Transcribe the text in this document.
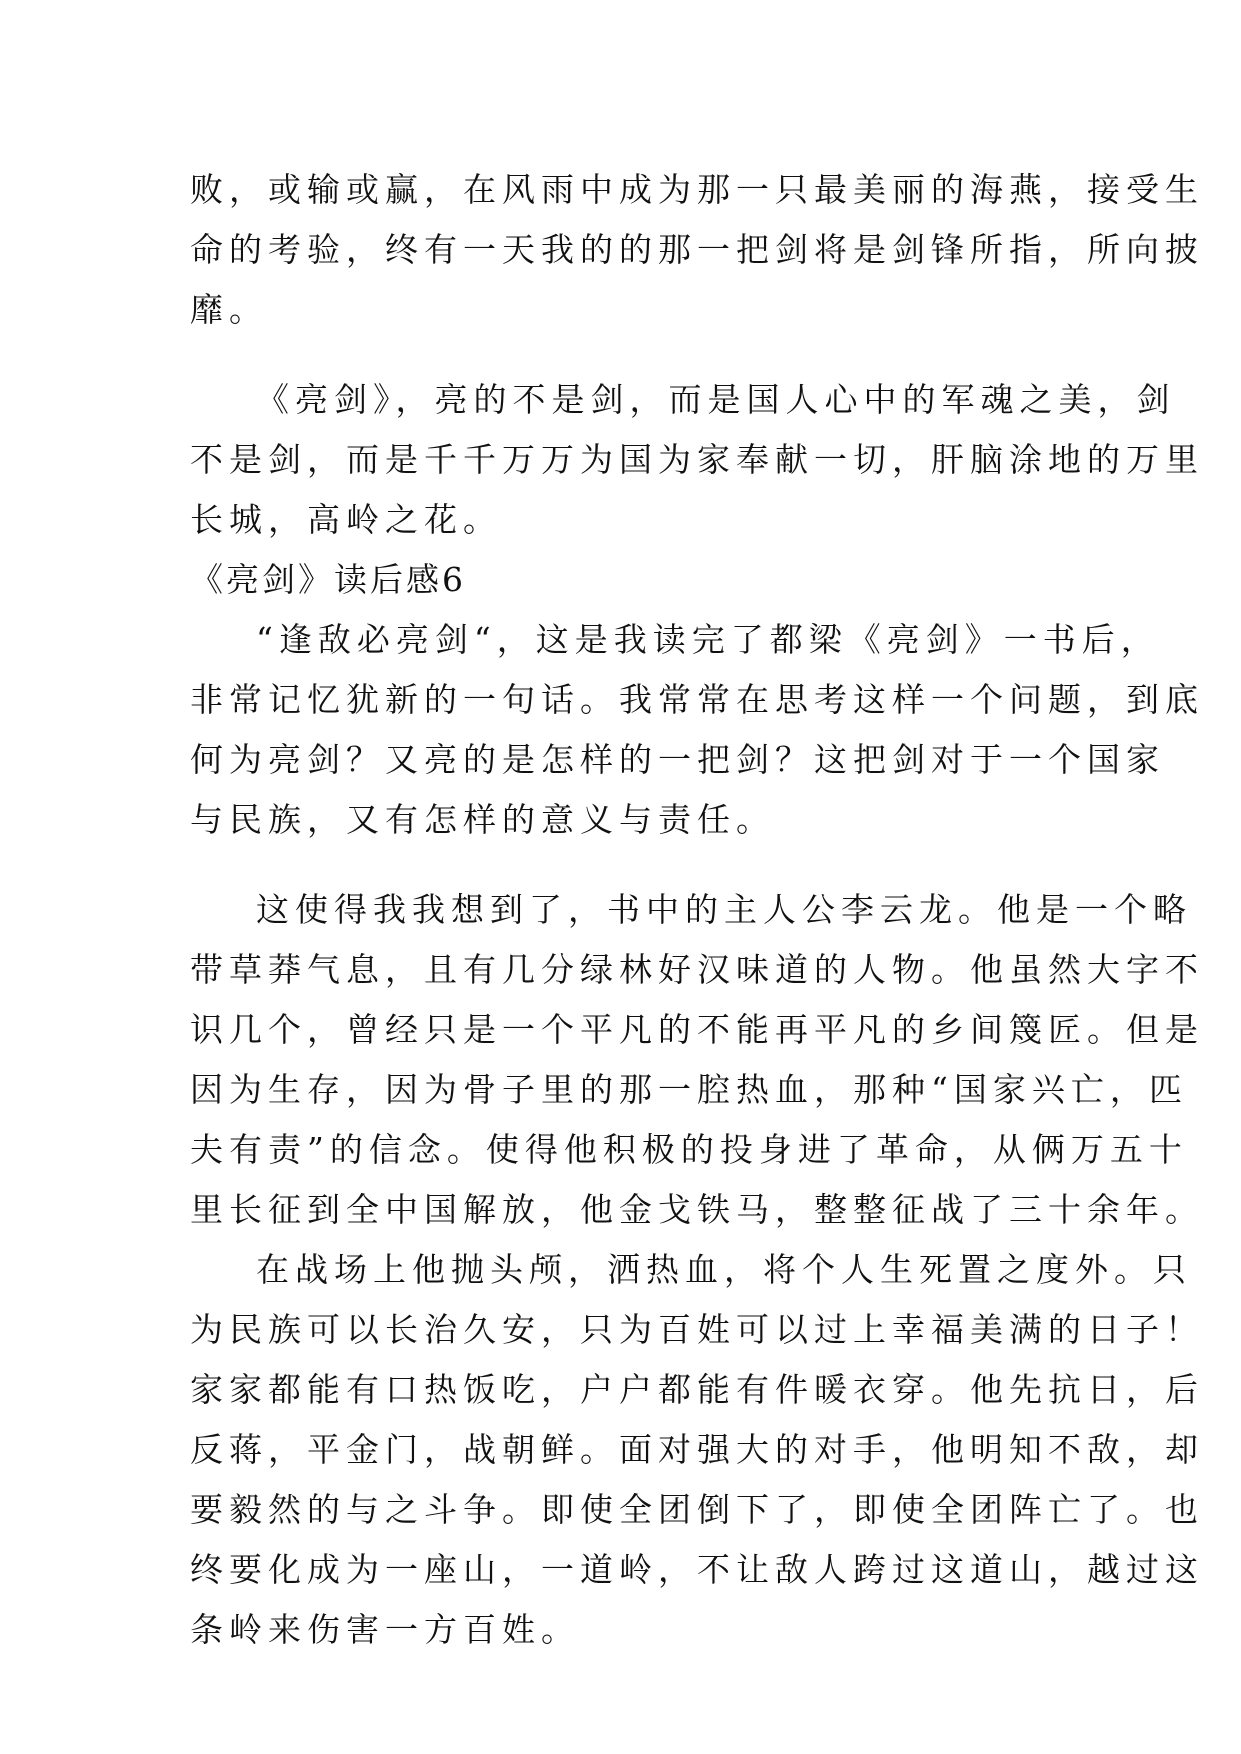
败，或输或赢，在风雨中成为那一只最美丽的海燕，接受生
命的考验，终有一天我的的那一把剑将是剑锋所指，所向披
靡。
《亮剑》，亮的不是剑，而是国人心中的军魂之美，剑
不是剑，而是千千万万为国为家奉献一切，肝脑涂地的万里
长城，高岭之花。
《亮剑》读后感6
“逢敌必亮剑“，这是我读完了都梁《亮剑》一书后，
非常记忆犹新的一句话。我常常在思考这样一个问题，到底
何为亮剑？又亮的是怎样的一把剑？这把剑对于一个国家
与民族，又有怎样的意义与责任。
这使得我我想到了，书中的主人公李云龙。他是一个略
带草莽气息，且有几分绿林好汉味道的人物。他虽然大字不
识几个，曾经只是一个平凡的不能再平凡的乡间篾匠。但是
因为生存，因为骨子里的那一腔热血，那种“国家兴亡，匹
夫有责”的信念。使得他积极的投身进了革命，从俩万五十
里长征到全中国解放，他金戈铁马，整整征战了三十余年。
在战场上他抛头颅，洒热血，将个人生死置之度外。只
为民族可以长治久安，只为百姓可以过上幸福美满的日子！
家家都能有口热饭吃，户户都能有件暖衣穿。他先抗日，后
反蒋，平金门，战朝鲜。面对强大的对手，他明知不敌，却
要毅然的与之斗争。即使全团倒下了，即使全团阵亡了。也
终要化成为一座山，一道岭，不让敌人跨过这道山，越过这
条岭来伤害一方百姓。
